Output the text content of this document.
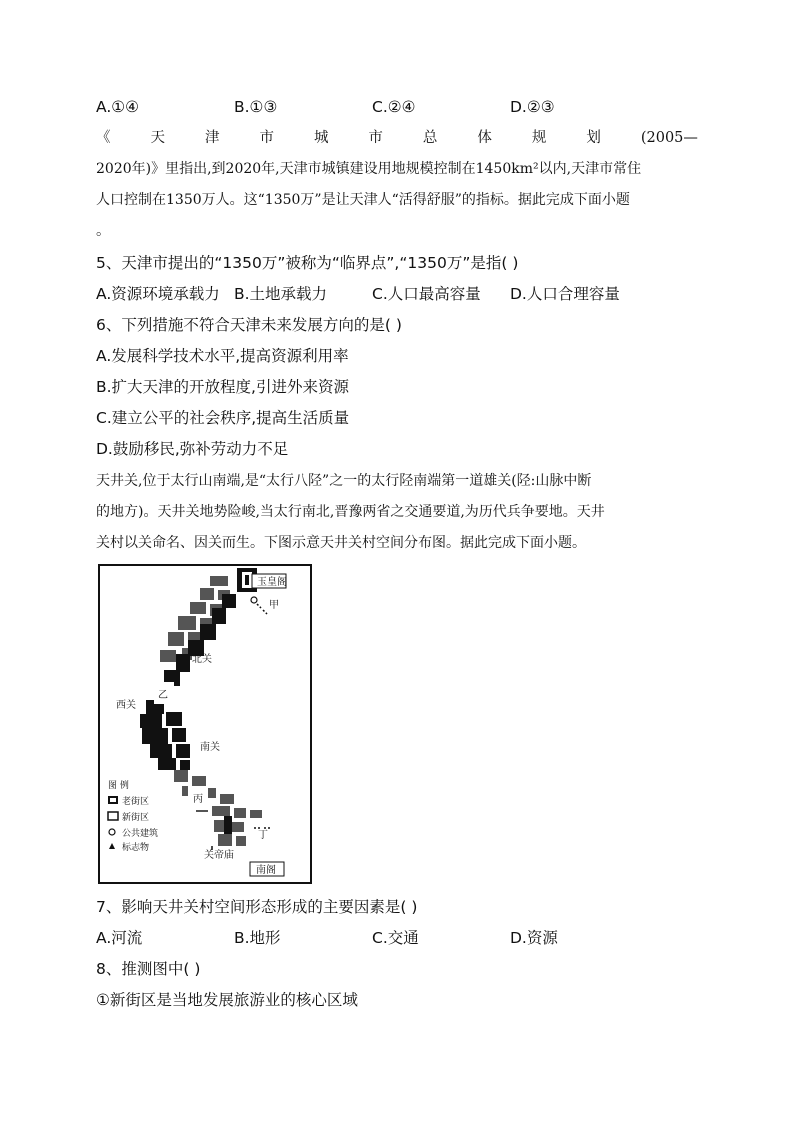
A.①④	B.①③	C.②④	D.②③
《	天	津	市	城	市	总	体	规	划	(2005—
2020年)》里指出,到2020年,天津市城镇建设用地规模控制在1450km²以内,天津市常住
人口控制在1350万人。这“1350万”是让天津人“活得舒服”的指标。据此完成下面小题
。
5、天津市提出的“1350万”被称为“临界点”,“1350万”是指( )
A.资源环境承载力 B.土地承载力	C.人口最高容量 D.人口合理容量
6、下列措施不符合天津未来发展方向的是( )
A.发展科学技术水平,提高资源利用率
B.扩大天津的开放程度,引进外来资源
C.建立公平的社会秩序,提高生活质量
D.鼓励移民,弥补劳动力不足
天井关,位于太行山南端,是“太行八陉”之一的太行陉南端第一道雄关(陉:山脉中断
的地方)。天井关地势险峻,当太行南北,晋豫两省之交通要道,为历代兵争要地。天井
关村以关命名、因关而生。下图示意天井关村空间分布图。据此完成下面小题。
玉皇阁
甲
北关
西关
乙
南关
丙
丁
关帝庙
南阁
图 例
老街区
新街区
公共建筑
标志物
7、影响天井关村空间形态形成的主要因素是( )
A.河流	B.地形	C.交通	D.资源
8、推测图中( )
①新街区是当地发展旅游业的核心区域
